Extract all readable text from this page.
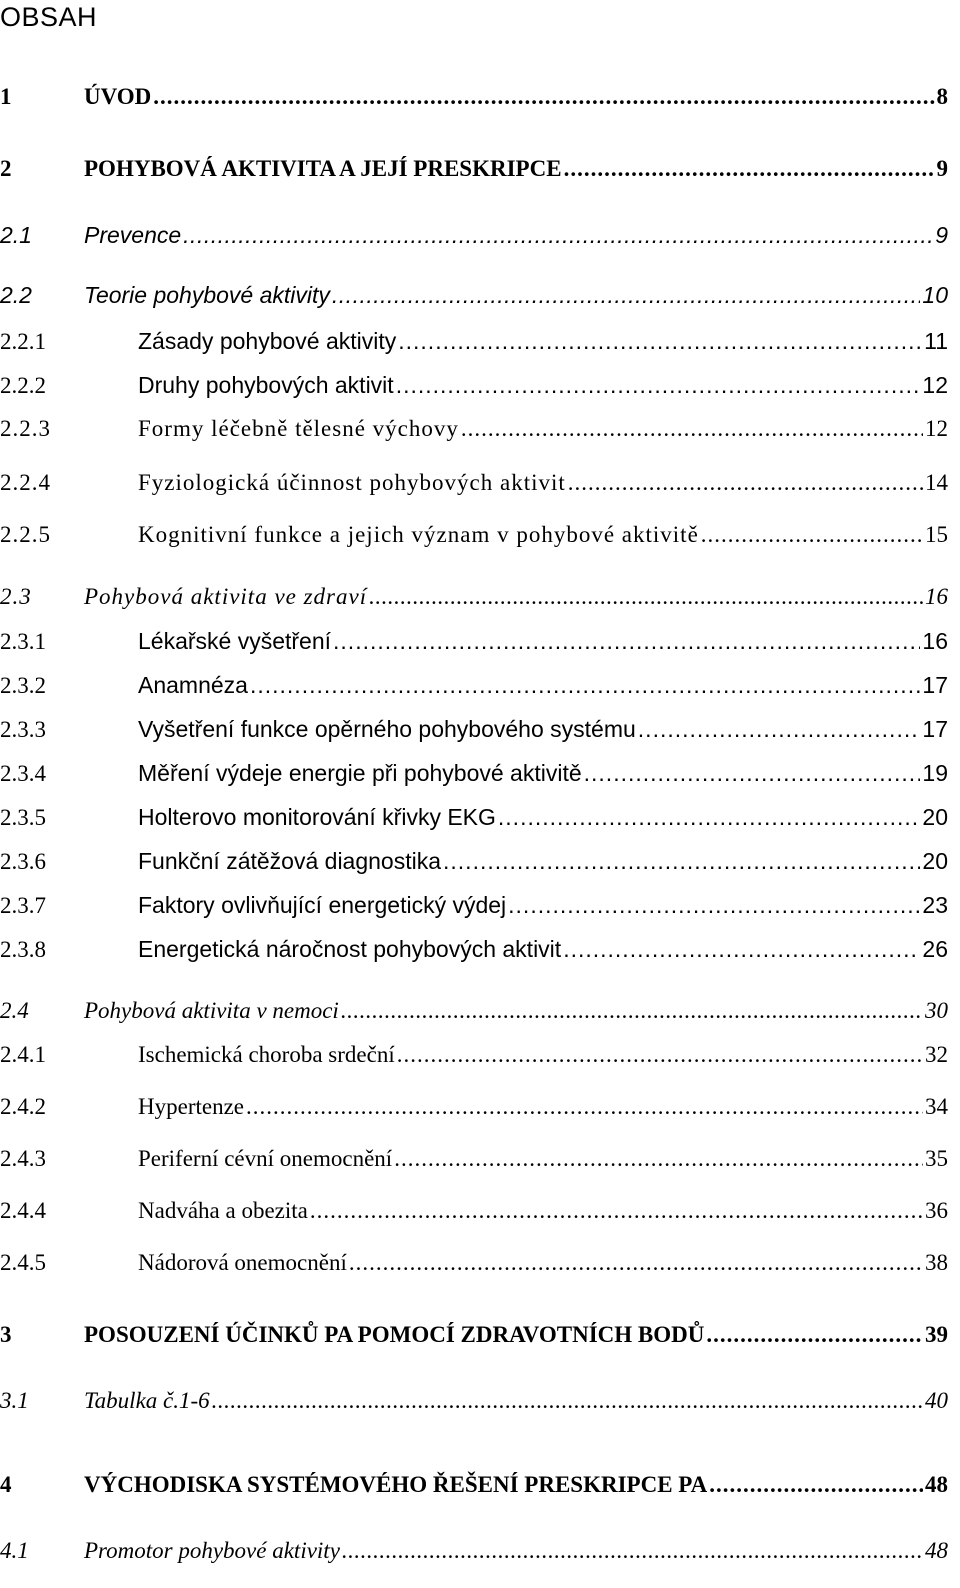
OBSAH
1	ÚVOD .....	8
2	POHYBOVÁ AKTIVITA A JEJÍ PRESKRIPCE .....	9
2.1	Prevence .....	9
2.2	Teorie pohybové aktivity .....	10
2.2.1	Zásady pohybové aktivity .....	11
2.2.2	Druhy pohybových aktivit .....	12
2.2.3	Formy léčebně tělesné výchovy .....	12
2.2.4	Fyziologická účinnost pohybových aktivit .....	14
2.2.5	Kognitivní funkce a jejich význam v pohybové aktivitě .....	15
2.3	Pohybová aktivita ve zdraví .....	16
2.3.1	Lékařské vyšetření .....	16
2.3.2	Anamnéza .....	17
2.3.3	Vyšetření funkce opěrného pohybového systému .....	17
2.3.4	Měření výdeje energie při pohybové aktivitě .....	19
2.3.5	Holterovo monitorování křivky EKG .....	20
2.3.6	Funkční zátěžová diagnostika .....	20
2.3.7	Faktory ovlivňující energetický výdej .....	23
2.3.8	Energetická náročnost pohybových aktivit .....	26
2.4	Pohybová aktivita v nemoci .....	30
2.4.1	Ischemická choroba srdeční .....	32
2.4.2	Hypertenze .....	34
2.4.3	Periferní cévní onemocnění .....	35
2.4.4	Nadváha a obezita .....	36
2.4.5	Nádorová onemocnění .....	38
3	POSOUZENÍ ÚČINKŮ PA POMOCÍ ZDRAVOTNÍCH BODŮ .....	39
3.1	Tabulka č.1-6 .....	40
4	VÝCHODISKA SYSTÉMOVÉHO ŘEŠENÍ PRESKRIPCE PA .....	48
4.1	Promotor pohybové aktivity .....	48
